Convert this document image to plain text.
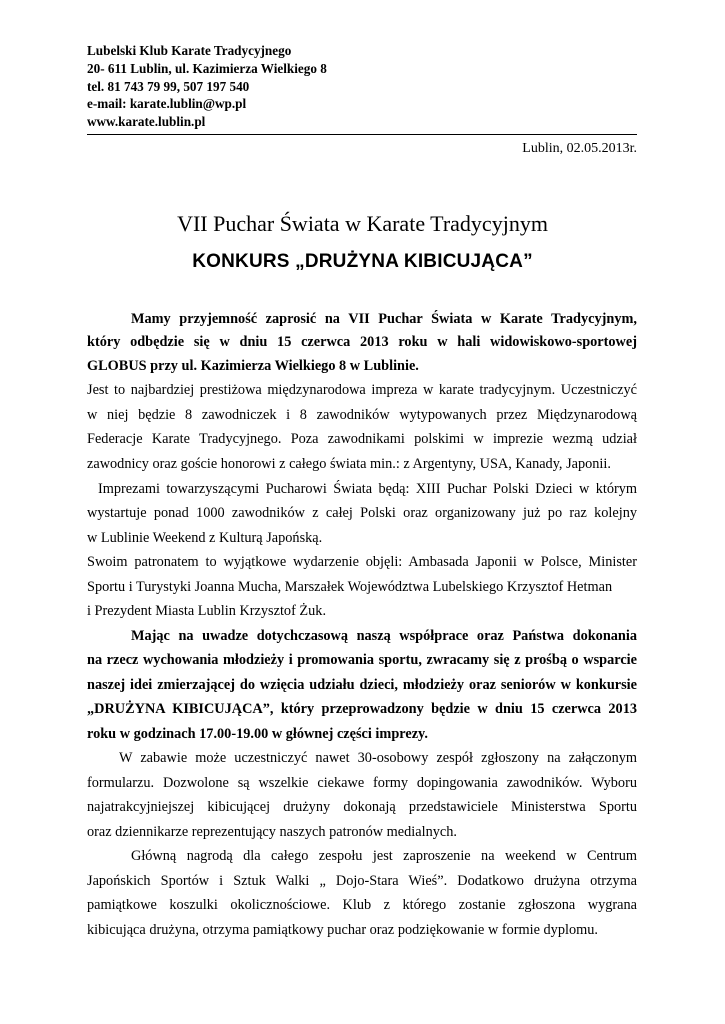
Lubelski Klub Karate Tradycyjnego
20- 611 Lublin, ul. Kazimierza Wielkiego 8
tel. 81 743 79 99, 507 197 540
e-mail: karate.lublin@wp.pl
www.karate.lublin.pl
Lublin, 02.05.2013r.
VII Puchar Świata w Karate Tradycyjnym
KONKURS „DRUŻYNA KIBICUJĄCA”
Mamy przyjemność zaprosić na VII Puchar Świata w Karate Tradycyjnym,
który odbędzie się w dniu 15 czerwca 2013 roku w hali widowiskowo-sportowej
GLOBUS przy ul. Kazimierza Wielkiego 8 w Lublinie.
Jest to najbardziej prestiżowa międzynarodowa impreza w karate tradycyjnym. Uczestniczyć
w niej będzie 8 zawodniczek i 8 zawodników wytypowanych przez Międzynarodową
Federacje Karate Tradycyjnego. Poza zawodnikami polskimi w imprezie wezmą udział
zawodnicy oraz goście honorowi z całego świata min.: z Argentyny, USA, Kanady, Japonii.
Imprezami towarzyszącymi Pucharowi Świata będą: XIII Puchar Polski Dzieci w którym
wystartuje ponad 1000 zawodników z całej Polski oraz organizowany już po raz kolejny
w Lublinie Weekend z Kulturą Japońską.
Swoim patronatem to wyjątkowe wydarzenie objęli: Ambasada Japonii w Polsce, Minister
Sportu i Turystyki Joanna Mucha, Marszałek Województwa Lubelskiego Krzysztof Hetman
i Prezydent Miasta Lublin Krzysztof Żuk.
Mając na uwadze dotychczasową naszą współprace oraz Państwa dokonania
na rzecz wychowania młodzieży i promowania sportu, zwracamy się z prośbą o wsparcie
naszej idei zmierzającej do wzięcia udziału dzieci, młodzieży oraz seniorów w konkursie
„DRUŻYNA KIBICUJĄCA”, który przeprowadzony będzie w dniu 15 czerwca 2013
roku w godzinach 17.00-19.00 w głównej części imprezy.
W zabawie może uczestniczyć nawet 30-osobowy zespół zgłoszony na załączonym
formularzu. Dozwolone są wszelkie ciekawe formy dopingowania zawodników. Wyboru
najatrakcyjniejszej kibicującej drużyny dokonają przedstawiciele Ministerstwa Sportu
oraz dziennikarze reprezentujący naszych patronów medialnych.
Główną nagrodą dla całego zespołu jest zaproszenie na weekend w Centrum
Japońskich Sportów i Sztuk Walki „ Dojo-Stara Wieś”. Dodatkowo drużyna otrzyma
pamiątkowe koszulki okolicznościowe. Klub z którego zostanie zgłoszona wygrana
kibicująca drużyna, otrzyma pamiątkowy puchar oraz podziękowanie w formie dyplomu.
